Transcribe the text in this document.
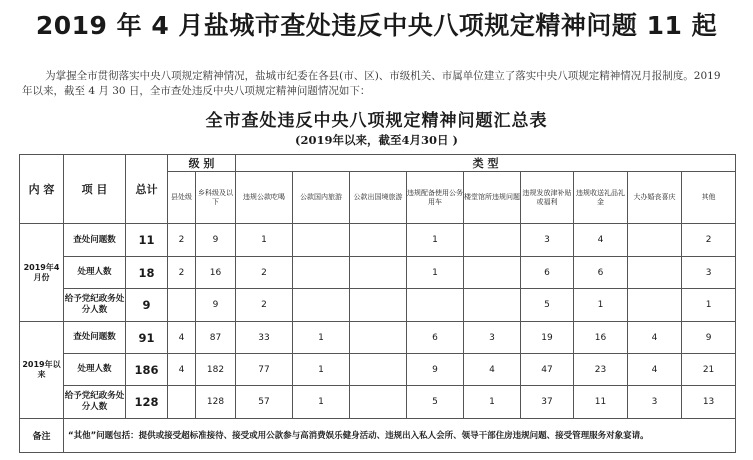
2019 年 4 月盐城市查处违反中央八项规定精神问题 11 起
为掌握全市贯彻落实中央八项规定精神情况，盐城市纪委在各县(市、区)、市级机关、市属单位建立了落实中央八项规定精神情况月报制度。2019 年以来，截至 4 月 30 日，全市查处违反中央八项规定精神问题情况如下：
全市查处违反中央八项规定精神问题汇总表
(2019年以来，截至4月30日 )
内 容	项 目	总计	级 别		类 型								
			县处级	乡科级及以下	违规公款吃喝	公款国内旅游	公款出国境旅游	违规配备使用公务用车	楼堂馆所违规问题	违规发放津补贴或福利	违规收送礼品礼金	大办婚丧喜庆	其他
2019年4月份	查处问题数	11	2	9	1			1		3	4		2
	处理人数	18	2	16	2			1		6	6		3
	给予党纪政务处分人数	9		9	2					5	1		1
2019年以来	查处问题数	91	4	87	33	1		6	3	19	16	4	9
	处理人数	186	4	182	77	1		9	4	47	23	4	21
	给予党纪政务处分人数	128		128	57	1		5	1	37	11	3	13
备注	“其他”问题包括：提供或接受超标准接待、接受或用公款参与高消费娱乐健身活动、违规出入私人会所、领导干部住房违规问题、接受管理服务对象宴请。												
